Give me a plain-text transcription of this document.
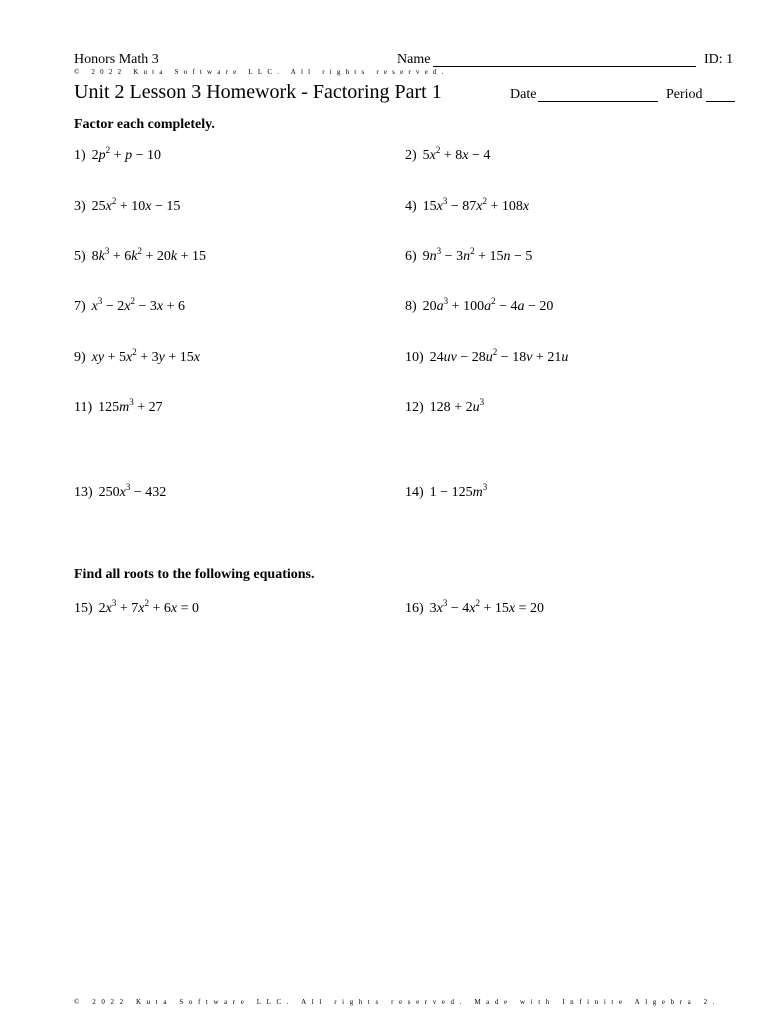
Honors Math 3	Name	ID: 1
© 2022 Kuta Software LLC. All rights reserved.
Unit 2 Lesson 3 Homework - Factoring Part 1	Date	Period
Factor each completely.
1) $2p^2 + p - 10$	2) $5x^2 + 8x - 4$
3) $25x^2 + 10x - 15$	4) $15x^3 - 87x^2 + 108x$
5) $8k^3 + 6k^2 + 20k + 15$	6) $9n^3 - 3n^2 + 15n - 5$
7) $x^3 - 2x^2 - 3x + 6$	8) $20a^3 + 100a^2 - 4a - 20$
9) xy + $5x^2 + 3y + 15x$	10) $24uv - 28u^2 - 18v + 21u$
11) $125m^3 + 27$	12) $128 + 2u^3$
13) $250x^3 - 432$	14) $1 - 125m^3$
Find all roots to the following equations.
15) $2x^3 + 7x^2 + 6x = 0$	16) $3x^3 - 4x^2 + 15x = 20$
© 2022 Kuta Software LLC. All rights reserved. Made with Infinite Algebra 2.
